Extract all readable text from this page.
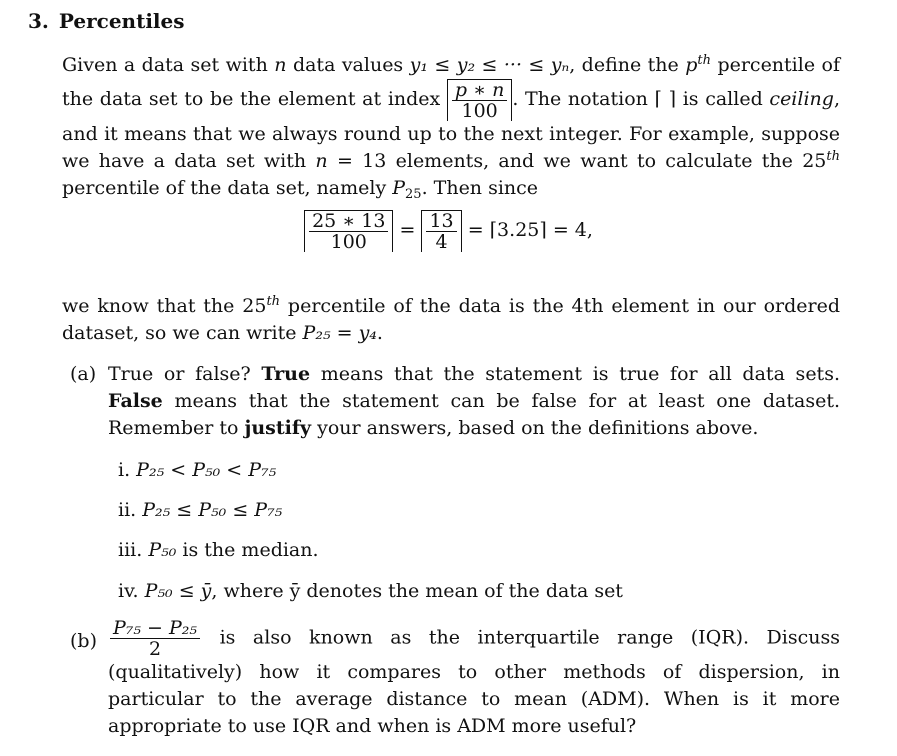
3. Percentiles
Given a data set with n data values y₁ ≤ y₂ ≤ ··· ≤ yₙ, define the $p^{th}$ percentile of the data set to be the element at index $\frac{p ∗ n}{100}$ . The notation ⌈ ⌉ is called ceiling, and it means that we always round up to the next integer. For example, suppose we have a data set with n = 13 elements, and we want to calculate the 25th percentile of the data set, namely $P_{25}$. Then since
$\frac{25 ∗ 13}{100} = \frac{13}{4}$ = ⌈3.25⌉ = 4,
we know that the 25th percentile of the data is the 4th element in our ordered dataset, so we can write P₂₅ = y₄.
(a) True or false? True means that the statement is true for all data sets. False means that the statement can be false for at least one dataset. Remember to justify your answers, based on the definitions above.
i. P₂₅ < P₅₀ < P₇₅
ii. P₂₅ ≤ P₅₀ ≤ P₇₅
iii. P₅₀ is the median.
iv. P₅₀ ≤ ȳ, where ȳ denotes the mean of the data set
$(b) \frac{\text{P₇₅ − P₂₅}}{2}$ is also known as the interquartile range (IQR). Discuss (qualitatively) how it compares to other methods of dispersion, in particular to the average distance to mean (ADM). When is it more appropriate to use IQR and when is ADM more useful?
